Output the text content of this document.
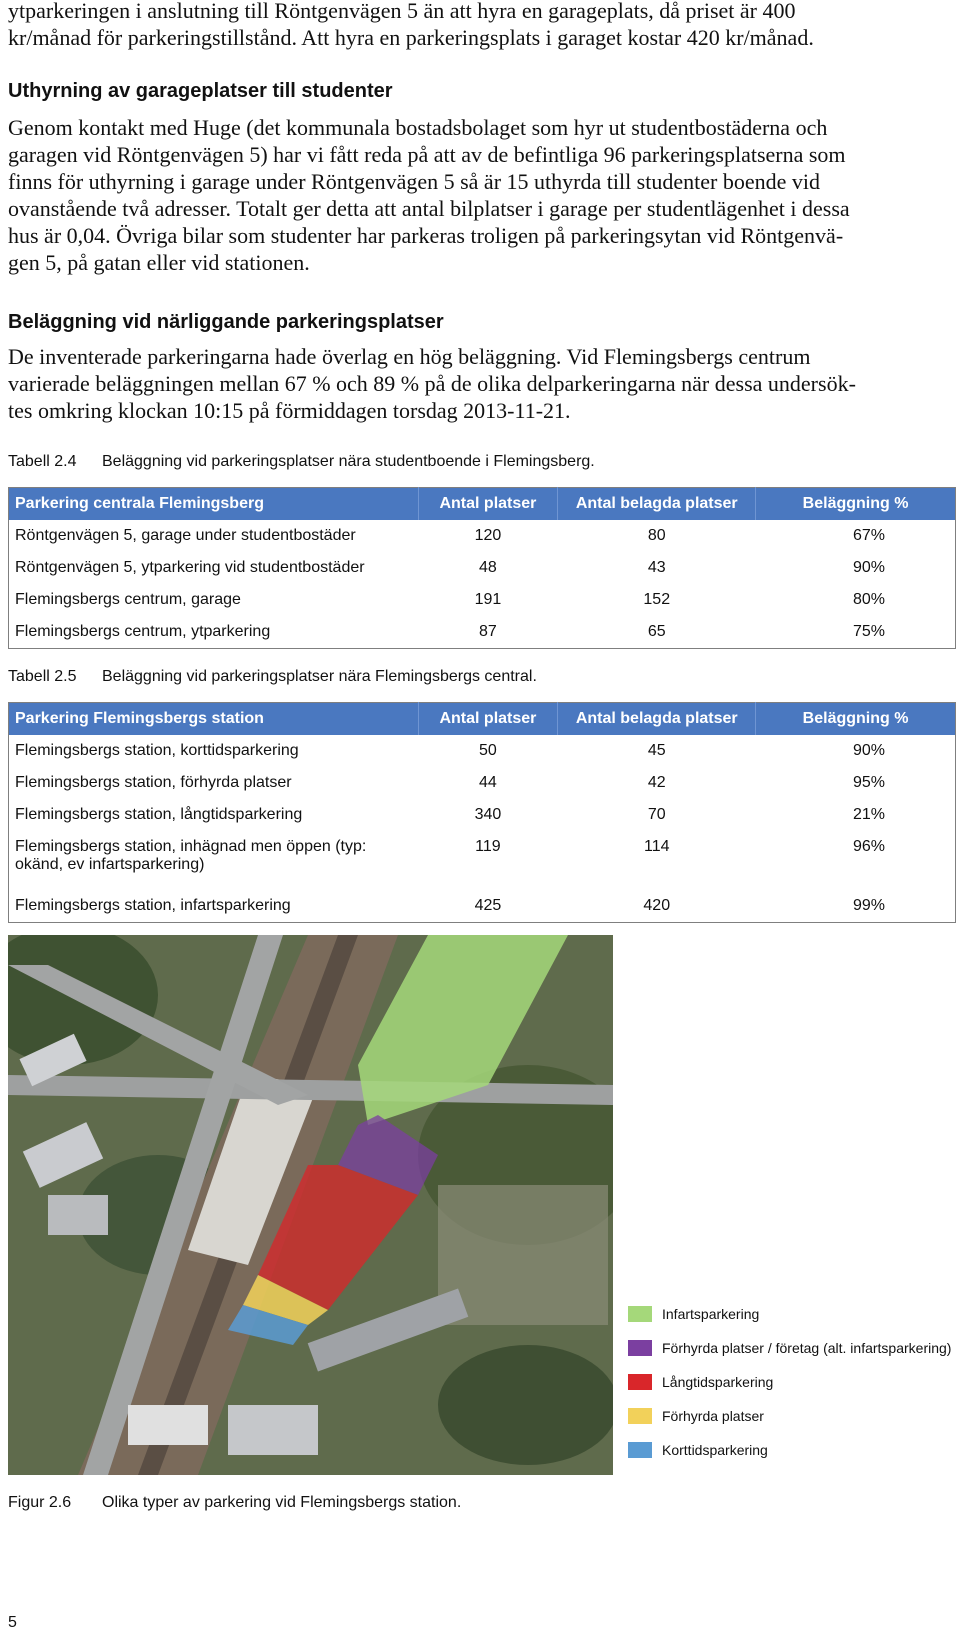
ytparkeringen i anslutning till Röntgenvägen 5 än att hyra en garageplats, då priset är 400
kr/månad för parkeringstillstånd. Att hyra en parkeringsplats i garaget kostar 420 kr/månad.

Uthyrning av garageplatser till studenter

Genom kontakt med Huge (det kommunala bostadsbolaget som hyr ut studentbostäderna och
garagen vid Röntgenvägen 5) har vi fått reda på att av de befintliga 96 parkeringsplatserna som
finns för uthyrning i garage under Röntgenvägen 5 så är 15 uthyrda till studenter boende vid
ovanstående två adresser. Totalt ger detta att antal bilplatser i garage per studentlägenhet i dessa
hus är 0,04. Övriga bilar som studenter har parkeras troligen på parkeringsytan vid Röntgenvä-
gen 5, på gatan eller vid stationen.

Beläggning vid närliggande parkeringsplatser

De inventerade parkeringarna hade överlag en hög beläggning. Vid Flemingsbergs centrum
varierade beläggningen mellan 67 % och 89 % på de olika delparkeringarna när dessa undersök-
tes omkring klockan 10:15 på förmiddagen torsdag 2013-11-21.

Tabell 2.4 Beläggning vid parkeringsplatser nära studentboende i Flemingsberg.

Parkering centrala Flemingsberg	Antal platser	Antal belagda platser	Beläggning %
Röntgenvägen 5, garage under studentbostäder	120	80	67%
Röntgenvägen 5, ytparkering vid studentbostäder	48	43	90%
Flemingsbergs centrum, garage	191	152	80%
Flemingsbergs centrum, ytparkering	87	65	75%

Tabell 2.5 Beläggning vid parkeringsplatser nära Flemingsbergs central.

Parkering Flemingsbergs station	Antal platser	Antal belagda platser	Beläggning %
Flemingsbergs station, korttidsparkering	50	45	90%
Flemingsbergs station, förhyrda platser	44	42	95%
Flemingsbergs station, långtidsparkering	340	70	21%
Flemingsbergs station, inhägnad men öppen (typ:
okänd, ev infartsparkering)	119	114	96%
Flemingsbergs station, infartsparkering	425	420	99%
Infartsparkering
Förhyrda platser / företag (alt. infartsparkering)
Långtidsparkering
Förhyrda platser
Korttidsparkering

Figur 2.6 Olika typer av parkering vid Flemingsbergs station.

5
